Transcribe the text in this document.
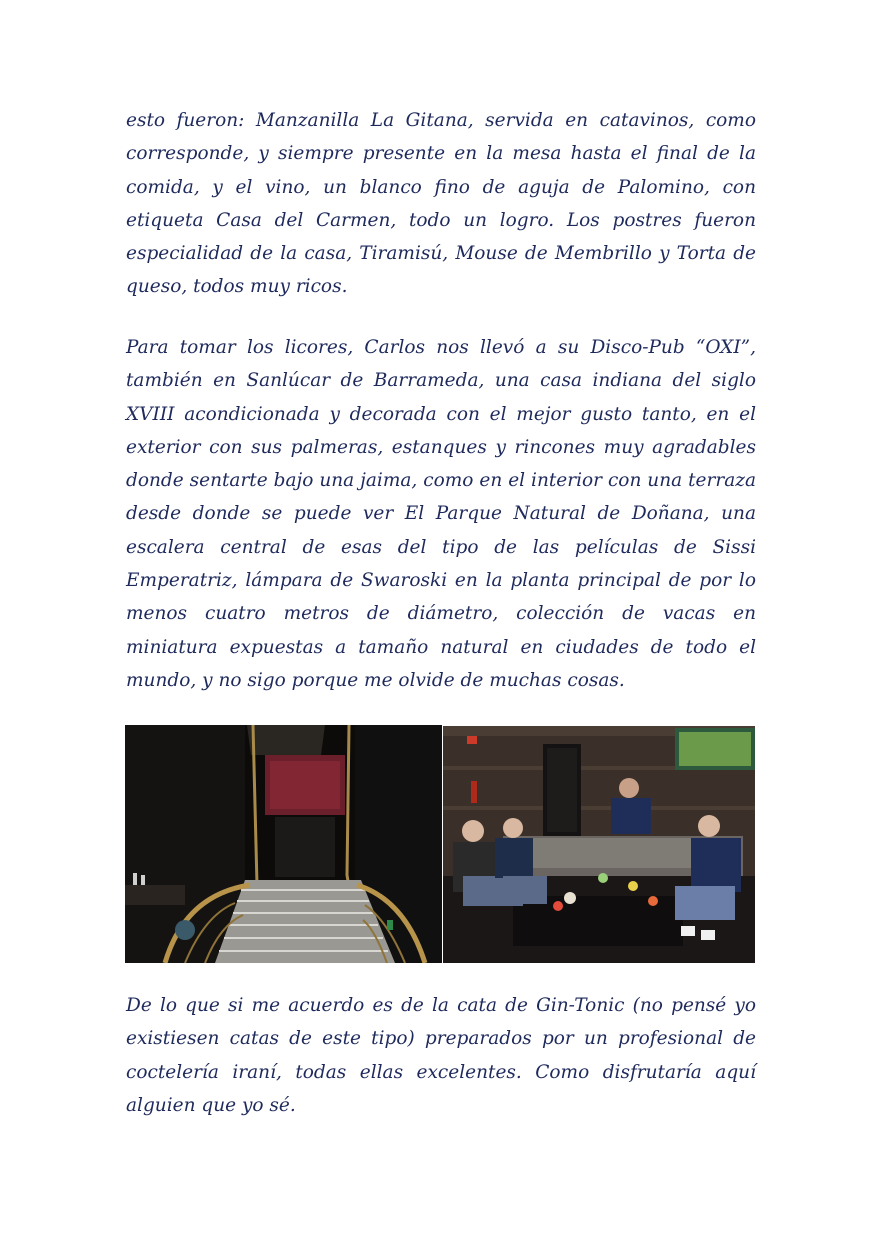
esto fueron: Manzanilla La Gitana, servida en catavinos, como corresponde, y siempre presente en la mesa hasta el final de la comida, y el vino, un blanco fino de aguja de Palomino, con etiqueta Casa del Carmen, todo un logro. Los postres fueron especialidad de la casa, Tiramisú, Mouse de Membrillo y Torta de queso, todos muy ricos.

Para tomar los licores, Carlos nos llevó a su Disco-Pub “OXI”, también en Sanlúcar de Barrameda, una casa indiana del siglo XVIII acondicionada y decorada con el mejor gusto tanto, en el exterior con sus palmeras, estanques y rincones muy agradables donde sentarte bajo una jaima, como en el interior con una terraza desde donde se puede ver El Parque Natural de Doñana, una escalera central de esas del tipo de las películas de Sissi Emperatriz, lámpara de Swaroski en la planta principal de por lo menos cuatro metros de diámetro, colección de vacas en miniatura expuestas a tamaño natural en ciudades de todo el mundo, y no sigo porque me olvide de muchas cosas.

De lo que si me acuerdo es de la cata de Gin-Tonic (no pensé yo existiesen catas de este tipo) preparados por un profesional de coctelería iraní, todas ellas excelentes. Como disfrutaría aquí alguien que yo sé.
